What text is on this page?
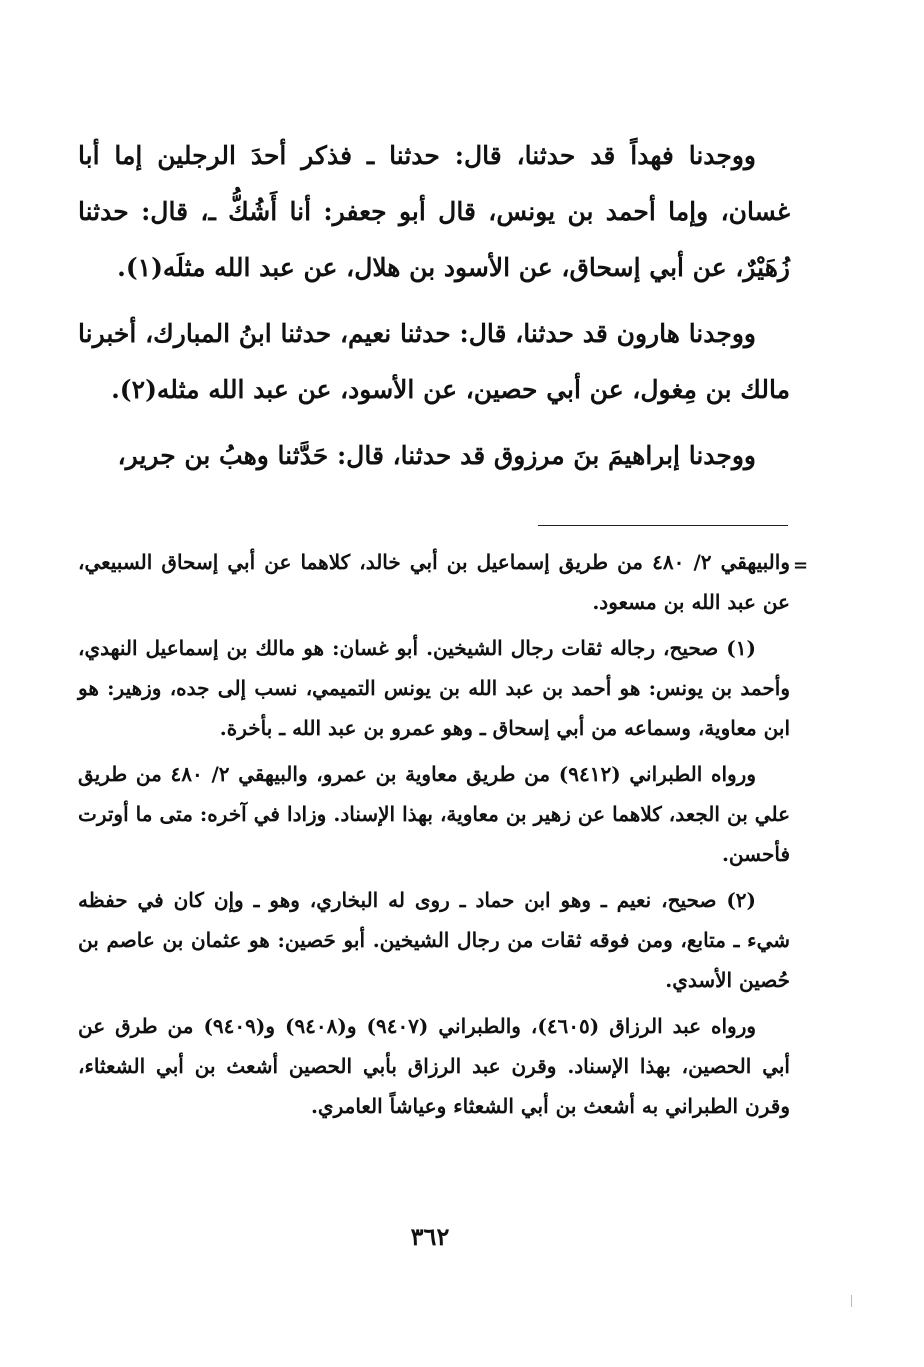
ووجدنا فهداً قد حدثنا، قال: حدثنا ـ فذكر أحدَ الرجلين إما أبا غسان، وإما أحمد بن يونس، قال أبو جعفر: أنا أَشُكُّ ـ، قال: حدثنا زُهَيْرٌ، عن أبي إسحاق، عن الأسود بن هلال، عن عبد الله مثلَه(١).

ووجدنا هارون قد حدثنا، قال: حدثنا نعيم، حدثنا ابنُ المبارك، أخبرنا مالك بن مِغول، عن أبي حصين، عن الأسود، عن عبد الله مثله(٢).

ووجدنا إبراهيمَ بنَ مرزوق قد حدثنا، قال: حَدَّثنا وهبُ بن جرير،

=

والبيهقي ٢/ ٤٨٠ من طريق إسماعيل بن أبي خالد، كلاهما عن أبي إسحاق السبيعي، عن عبد الله بن مسعود.

(١) صحيح، رجاله ثقات رجال الشيخين. أبو غسان: هو مالك بن إسماعيل النهدي، وأحمد بن يونس: هو أحمد بن عبد الله بن يونس التميمي، نسب إلى جده، وزهير: هو ابن معاوية، وسماعه من أبي إسحاق ـ وهو عمرو بن عبد الله ـ بأخرة.

ورواه الطبراني (٩٤١٢) من طريق معاوية بن عمرو، والبيهقي ٢/ ٤٨٠ من طريق علي بن الجعد، كلاهما عن زهير بن معاوية، بهذا الإسناد. وزادا في آخره: متى ما أوترت فأحسن.

(٢) صحيح، نعيم ـ وهو ابن حماد ـ روى له البخاري، وهو ـ وإن كان في حفظه شيء ـ متابع، ومن فوقه ثقات من رجال الشيخين. أبو حَصين: هو عثمان بن عاصم بن حُصين الأسدي.

ورواه عبد الرزاق (٤٦٠٥)، والطبراني (٩٤٠٧) و(٩٤٠٨) و(٩٤٠٩) من طرق عن أبي الحصين، بهذا الإسناد. وقرن عبد الرزاق بأبي الحصين أشعث بن أبي الشعثاء، وقرن الطبراني به أشعث بن أبي الشعثاء وعياشاً العامري.

٣٦٢
